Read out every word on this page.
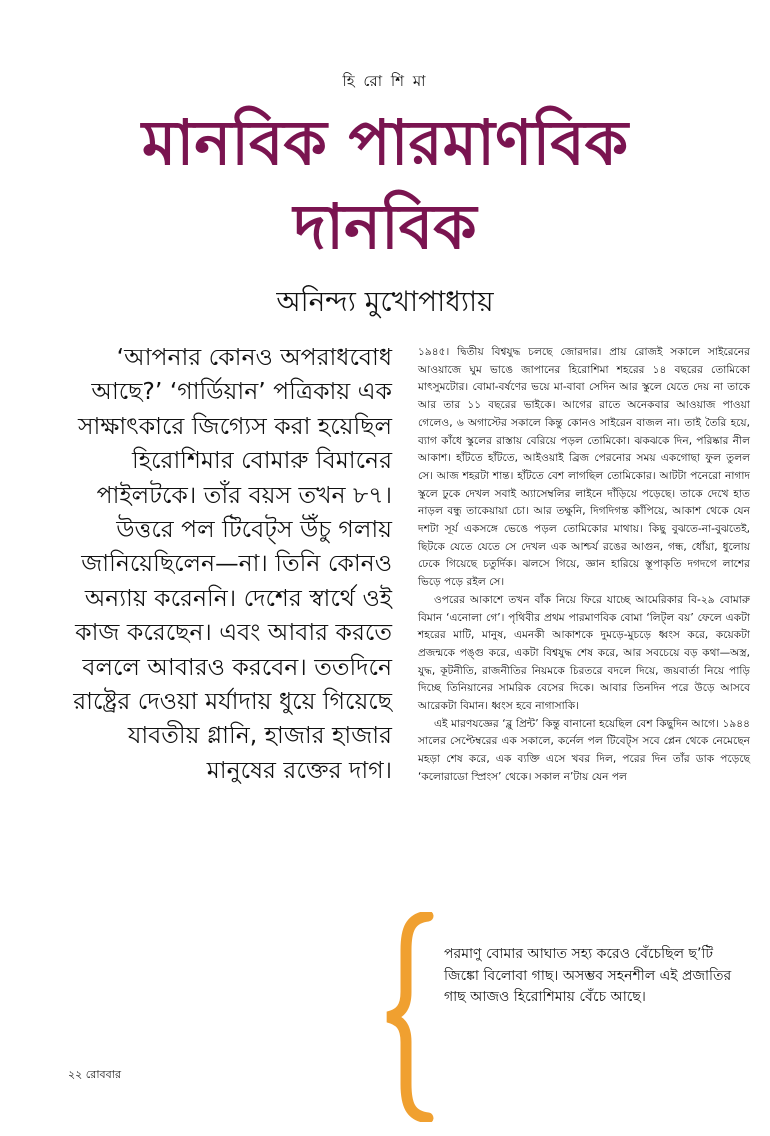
হি রো শি মা
মানবিক পারমাণবিক
দানবিক
অনিন্দ্য মুখোপাধ্যায়
‘আপনার কোনও অপরাধবোধ আছে?’ ‘গার্ডিয়ান’ পত্রিকায় এক সাক্ষাৎকারে জিগ্যেস করা হয়েছিল হিরোশিমার বোমারু বিমানের পাইলটকে। তাঁর বয়স তখন ৮৭। উত্তরে পল টিবেট্‌স উঁচু গলায় জানিয়েছিলেন—না। তিনি কোনও অন্যায় করেননি। দেশের স্বার্থে ওই কাজ করেছেন। এবং আবার করতে বললে আবারও করবেন। ততদিনে রাষ্ট্রের দেওয়া মর্যাদায় ধুয়ে গিয়েছে যাবতীয় গ্লানি, হাজার হাজার মানুষের রক্তের দাগ।

১৯৪৫। দ্বিতীয় বিশ্বযুদ্ধ চলছে জোরদার। প্রায় রোজই সকালে সাইরেনের আওয়াজে ঘুম ভাঙে জাপানের হিরোশিমা শহরের ১৪ বছরের তোমিকো মাৎসুমটোর। বোমা-বর্ষণের ভয়ে মা-বাবা সেদিন আর স্কুলে যেতে দেয় না তাকে আর তার ১১ বছরের ভাইকে। আগের রাতে অনেকবার আওয়াজ পাওয়া গেলেও, ৬ অগাস্টের সকালে কিন্তু কোনও সাইরেন বাজল না। তাই তৈরি হয়ে, ব্যাগ কাঁধে স্কুলের রাস্তায় বেরিয়ে পড়ল তোমিকো। ঝকঝকে দিন, পরিষ্কার নীল আকাশ। হাঁটতে হাঁটতে, আইওয়াই ব্রিজ পেরনোর সময় একগোছা ফুল তুলল সে। আজ শহরটা শান্ত। হাঁটতে বেশ লাগছিল তোমিকোর। আটটা পনেরো নাগাদ স্কুলে ঢুকে দেখল সবাই অ্যাসেম্বলির লাইনে দাঁড়িয়ে পড়েছে। তাকে দেখে হাত নাড়ল বন্ধু তাকেয়ায়া চো। আর তক্ষুনি, দিগদিগন্ত কাঁপিয়ে, আকাশ থেকে যেন দশটা সূর্য একসঙ্গে ভেঙে পড়ল তোমিকোর মাথায়। কিছু বুঝতে-না-বুঝতেই, ছিটকে যেতে যেতে সে দেখল এক আশ্চর্য রঙের আগুন, গন্ধ, ধোঁয়া, ধুলোয় ঢেকে গিয়েছে চতুর্দিক। ঝলসে গিয়ে, জ্ঞান হারিয়ে স্তূপাকৃতি দগদগে লাশের ভিড়ে পড়ে রইল সে।

ওপরের আকাশে তখন বাঁক নিয়ে ফিরে যাচ্ছে আমেরিকার বি-২৯ বোমারু বিমান ‘এনোলা গে’। পৃথিবীর প্রথম পারমাণবিক বোমা ‘লিট্‌ল বয়’ ফেলে একটা শহরের মাটি, মানুষ, এমনকী আকাশকে দুমড়ে-মুচড়ে ধ্বংস করে, কয়েকটা প্রজন্মকে পঙ্গু করে, একটা বিশ্বযুদ্ধ শেষ করে, আর সবচেয়ে বড় কথা—অস্ত্র, যুদ্ধ, কূটনীতি, রাজনীতির নিয়মকে চিরতরে বদলে দিয়ে, জয়বার্তা নিয়ে পাড়ি দিচ্ছে তিনিয়ানের সামরিক বেসের দিকে। আবার তিনদিন পরে উড়ে আসবে আরেকটা বিমান। ধ্বংস হবে নাগাসাকি।

এই মারণযজ্ঞের ‘ব্লু প্রিন্ট’ কিন্তু বানানো হয়েছিল বেশ কিছুদিন আগে। ১৯৪৪ সালের সেপ্টেম্বরের এক সকালে, কর্নেল পল টিবেট্‌স সবে প্লেন থেকে নেমেছেন মহড়া শেষ করে, এক ব্যক্তি এসে খবর দিল, পরের দিন তাঁর ডাক পড়েছে ‘কলোরাডো স্প্রিংস’ থেকে। সকাল ন’টায় যেন পল

পরমাণু বোমার আঘাত সহ্য করেও বেঁচেছিল ছ’টি জিঙ্কো বিলোবা গাছ। অসম্ভব সহনশীল এই প্রজাতির গাছ আজও হিরোশিমায় বেঁচে আছে।
২২ রোববার
